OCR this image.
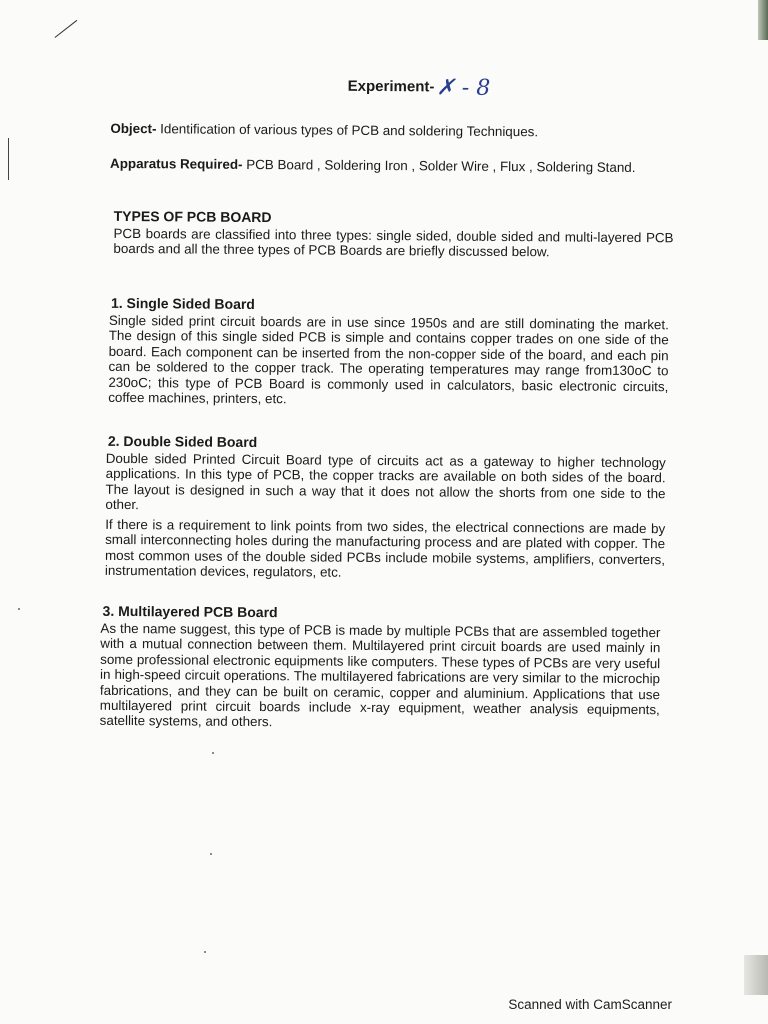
Experiment-✗ - 8
Object- Identification of various types of PCB and soldering Techniques.
Apparatus Required- PCB Board , Soldering Iron , Solder Wire , Flux , Soldering Stand.
TYPES OF PCB BOARD
PCB boards are classified into three types: single sided, double sided and multi-layered PCB boards and all the three types of PCB Boards are briefly discussed below.
1. Single Sided Board
Single sided print circuit boards are in use since 1950s and are still dominating the market. The design of this single sided PCB is simple and contains copper trades on one side of the board. Each component can be inserted from the non-copper side of the board, and each pin can be soldered to the copper track. The operating temperatures may range from130oC to 230oC; this type of PCB Board is commonly used in calculators, basic electronic circuits, coffee machines, printers, etc.
2. Double Sided Board
Double sided Printed Circuit Board type of circuits act as a gateway to higher technology applications. In this type of PCB, the copper tracks are available on both sides of the board. The layout is designed in such a way that it does not allow the shorts from one side to the other.
If there is a requirement to link points from two sides, the electrical connections are made by small interconnecting holes during the manufacturing process and are plated with copper. The most common uses of the double sided PCBs include mobile systems, amplifiers, converters, instrumentation devices, regulators, etc.
3. Multilayered PCB Board
As the name suggest, this type of PCB is made by multiple PCBs that are assembled together with a mutual connection between them. Multilayered print circuit boards are used mainly in some professional electronic equipments like computers. These types of PCBs are very useful in high-speed circuit operations. The multilayered fabrications are very similar to the microchip fabrications, and they can be built on ceramic, copper and aluminium. Applications that use multilayered print circuit boards include x-ray equipment, weather analysis equipments, satellite systems, and others.
Scanned with CamScanner
